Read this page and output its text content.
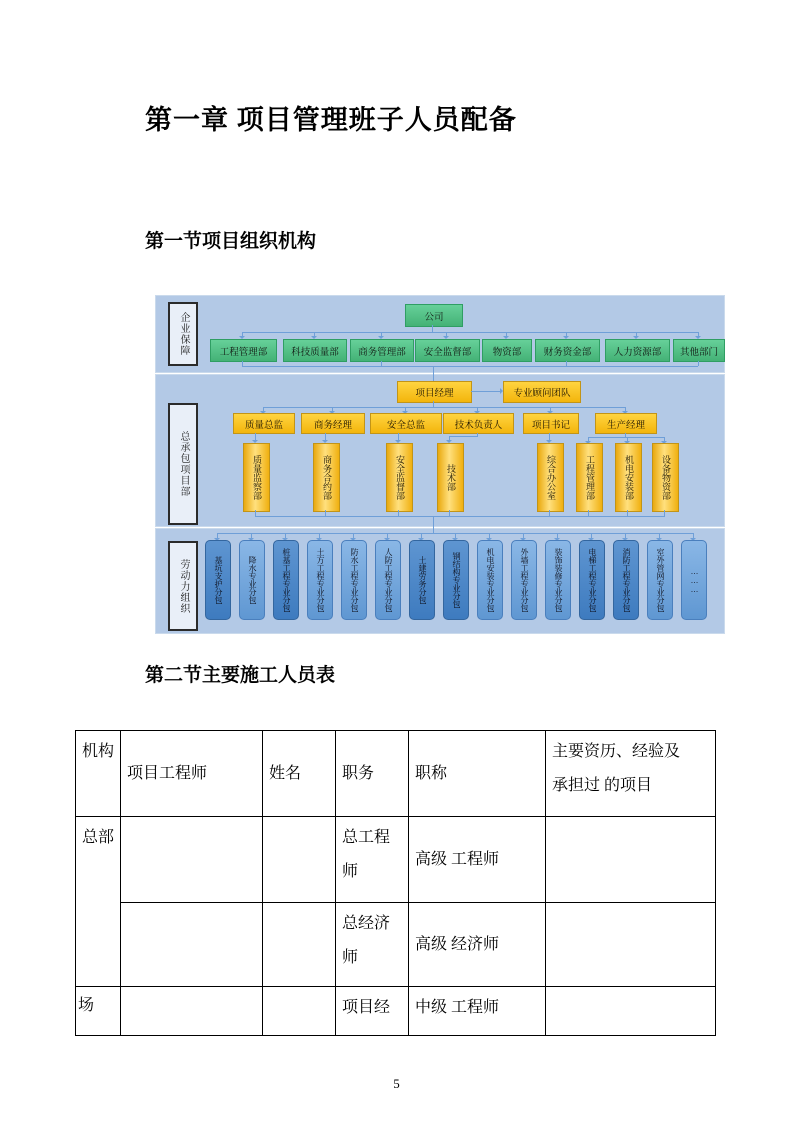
第一章 项目管理班子人员配备
第一节项目组织机构
企业保障
总承包项目部
劳动力组织
公司
工程管理部	科技质量部	商务管理部	安全监督部	物资部	财务资金部	人力资源部	其他部门
项目经理	专业顾问团队
质量总监	商务经理	安全总监	技术负责人	项目书记	生产经理
质量监察部	商务合约部	安全监督部	技术部	综合办公室	工程管理部	机电安装部	设备物资部
基坑支护分包	降水专业分包	桩基工程专业分包	土方工程专业分包	防水工程专业分包	人防工程专业分包	土建劳务分包	钢结构专业分包	机电安装专业分包	外墙工程专业分包	装饰装修专业分包	电梯工程专业分包	消防工程专业分包	室外管网专业分包	………
第二节主要施工人员表
机构	项目工程师	姓名	职务	职称	主要资历、经验及
承担过 的项目
总部			总工程师	高级 工程师	
			总经济师	高级 经济师	
场			项目经	中级 工程师	
5
